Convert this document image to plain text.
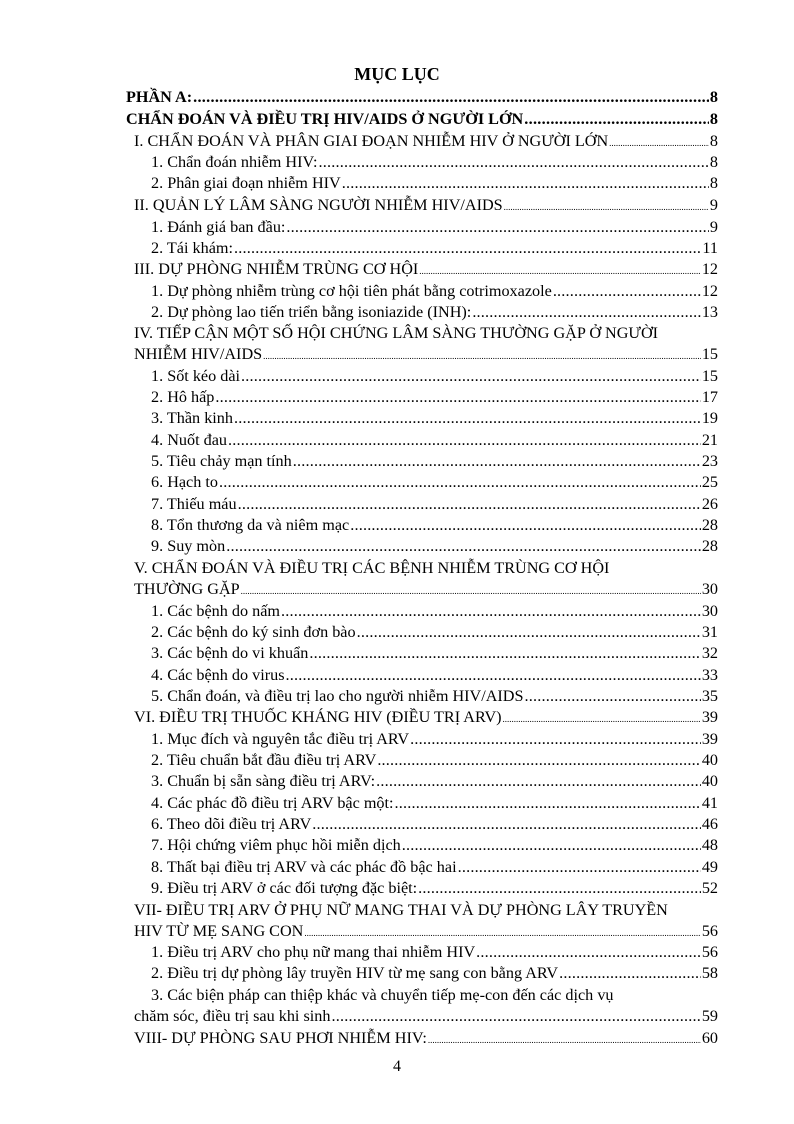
MỤC LỤC
PHẦN A: .....	8
CHẨN ĐOÁN VÀ ĐIỀU TRỊ HIV/AIDS Ở NGƯỜI LỚN .....	8
I. CHẨN ĐOÁN VÀ PHÂN GIAI ĐOẠN NHIỄM HIV Ở NGƯỜI LỚN .....	8
1. Chẩn đoán nhiễm HIV: .....	8
2. Phân giai đoạn nhiễm HIV .....	8
II. QUẢN LÝ LÂM SÀNG NGƯỜI NHIỄM HIV/AIDS .....	9
1. Đánh giá ban đầu: .....	9
2. Tái khám: .....	11
III. DỰ PHÒNG NHIỄM TRÙNG CƠ HỘI .....	12
1. Dự phòng nhiễm trùng cơ hội tiên phát bằng cotrimoxazole .....	12
2. Dự phòng lao tiến triển bằng isoniazide (INH): .....	13
IV. TIẾP CẬN MỘT SỐ HỘI CHỨNG LÂM SÀNG THƯỜNG GẶP Ở NGƯỜI
NHIỄM HIV/AIDS .....	15
1. Sốt kéo dài .....	15
2. Hô hấp .....	17
3. Thần kinh .....	19
4. Nuốt đau .....	21
5. Tiêu chảy mạn tính .....	23
6. Hạch to .....	25
7. Thiếu máu .....	26
8. Tổn thương da và niêm mạc .....	28
9. Suy mòn .....	28
V. CHẨN ĐOÁN VÀ ĐIỀU TRỊ CÁC BỆNH NHIỄM TRÙNG CƠ HỘI
THƯỜNG GẶP .....	30
1. Các bệnh do nấm .....	30
2. Các bệnh do ký sinh đơn bào .....	31
3. Các bệnh do vi khuẩn .....	32
4. Các bệnh do virus .....	33
5. Chẩn đoán, và điều trị lao cho người nhiễm HIV/AIDS .....	35
VI. ĐIỀU TRỊ THUỐC KHÁNG HIV (ĐIỀU TRỊ ARV) .....	39
1. Mục đích và nguyên tắc điều trị ARV .....	39
2. Tiêu chuẩn bắt đầu điều trị ARV .....	40
3. Chuẩn bị sẵn sàng điều trị ARV: .....	40
4. Các phác đồ điều trị ARV bậc một: .....	41
6. Theo dõi điều trị ARV .....	46
7. Hội chứng viêm phục hồi miễn dịch .....	48
8. Thất bại điều trị ARV và các phác đồ bậc hai .....	49
9. Điều trị ARV ở các đối tượng đặc biệt: .....	52
VII- ĐIỀU TRỊ ARV Ở PHỤ NỮ MANG THAI VÀ DỰ PHÒNG LÂY TRUYỀN
HIV TỪ MẸ SANG CON .....	56
1. Điều trị ARV cho phụ nữ mang thai nhiễm HIV .....	56
2. Điều trị dự phòng lây truyền HIV từ mẹ sang con bằng ARV .....	58
3. Các biện pháp can thiệp khác và chuyển tiếp mẹ-con đến các dịch vụ
chăm sóc, điều trị sau khi sinh .....	59
VIII- DỰ PHÒNG SAU PHƠI NHIỄM HIV: .....	60
4
